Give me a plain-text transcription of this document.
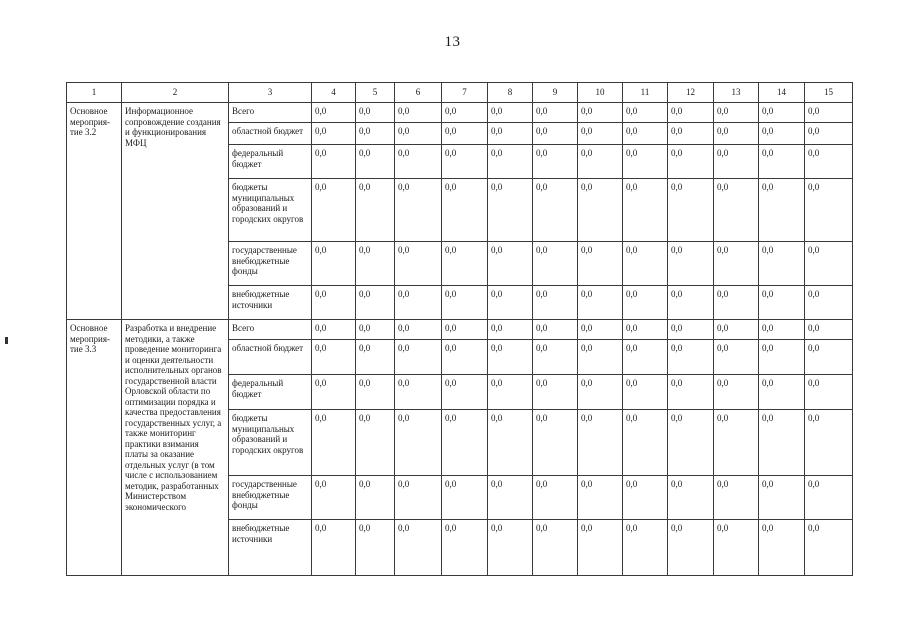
13
1	2	3	4	5	6	7	8	9	10	11	12	13	14	15
Основное мероприя-тие 3.2	Информационное сопровождение создания и функционирования МФЦ	Всего	0,0	0,0	0,0	0,0	0,0	0,0	0,0	0,0	0,0	0,0	0,0	0,0
		областной бюджет	0,0	0,0	0,0	0,0	0,0	0,0	0,0	0,0	0,0	0,0	0,0	0,0
		федеральный бюджет	0,0	0,0	0,0	0,0	0,0	0,0	0,0	0,0	0,0	0,0	0,0	0,0
		бюджеты муниципальных образований и городских округов	0,0	0,0	0,0	0,0	0,0	0,0	0,0	0,0	0,0	0,0	0,0	0,0
		государственные внебюджетные фонды	0,0	0,0	0,0	0,0	0,0	0,0	0,0	0,0	0,0	0,0	0,0	0,0
		внебюджетные источники	0,0	0,0	0,0	0,0	0,0	0,0	0,0	0,0	0,0	0,0	0,0	0,0
Основное мероприя-тие 3.3	Разработка и внедрение методики, а также проведение мониторинга и оценки деятельности исполнительных органов государственной власти Орловской области по оптимизации порядка и качества предоставления государственных услуг, а также мониторинг практики взимания платы за оказание отдельных услуг (в том числе с использованием методик, разработанных Министерством экономического	Всего	0,0	0,0	0,0	0,0	0,0	0,0	0,0	0,0	0,0	0,0	0,0	0,0
		областной бюджет	0,0	0,0	0,0	0,0	0,0	0,0	0,0	0,0	0,0	0,0	0,0	0,0
		федеральный бюджет	0,0	0,0	0,0	0,0	0,0	0,0	0,0	0,0	0,0	0,0	0,0	0,0
		бюджеты муниципальных образований и городских округов	0,0	0,0	0,0	0,0	0,0	0,0	0,0	0,0	0,0	0,0	0,0	0,0
		государственные внебюджетные фонды	0,0	0,0	0,0	0,0	0,0	0,0	0,0	0,0	0,0	0,0	0,0	0,0
		внебюджетные источники	0,0	0,0	0,0	0,0	0,0	0,0	0,0	0,0	0,0	0,0	0,0	0,0
